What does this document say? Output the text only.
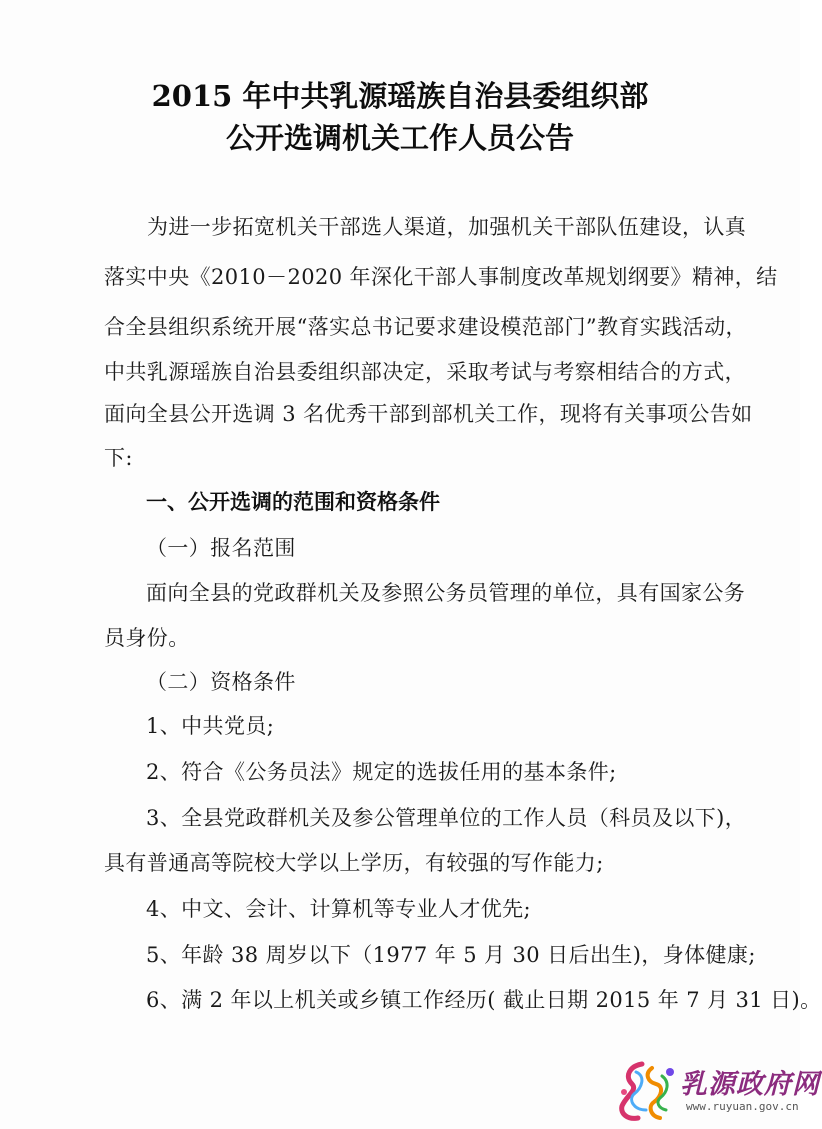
2015 年中共乳源瑶族自治县委组织部
公开选调机关工作人员公告
为进一步拓宽机关干部选人渠道，加强机关干部队伍建设，认真
落实中央《2010－2020 年深化干部人事制度改革规划纲要》精神，结
合全县组织系统开展“落实总书记要求建设模范部门”教育实践活动，
中共乳源瑶族自治县委组织部决定，采取考试与考察相结合的方式，
面向全县公开选调 3 名优秀干部到部机关工作，现将有关事项公告如
下:
一、公开选调的范围和资格条件
（一）报名范围
面向全县的党政群机关及参照公务员管理的单位，具有国家公务
员身份。
（二）资格条件
1、中共党员;
2、符合《公务员法》规定的选拔任用的基本条件;
3、全县党政群机关及参公管理单位的工作人员（科员及以下)，
具有普通高等院校大学以上学历，有较强的写作能力;
4、中文、会计、计算机等专业人才优先;
5、年龄 38 周岁以下（1977 年 5 月 30 日后出生)，身体健康;
6、满 2 年以上机关或乡镇工作经历( 截止日期 2015 年 7 月 31 日)。
乳源政府网
www.ruyuan.gov.cn
